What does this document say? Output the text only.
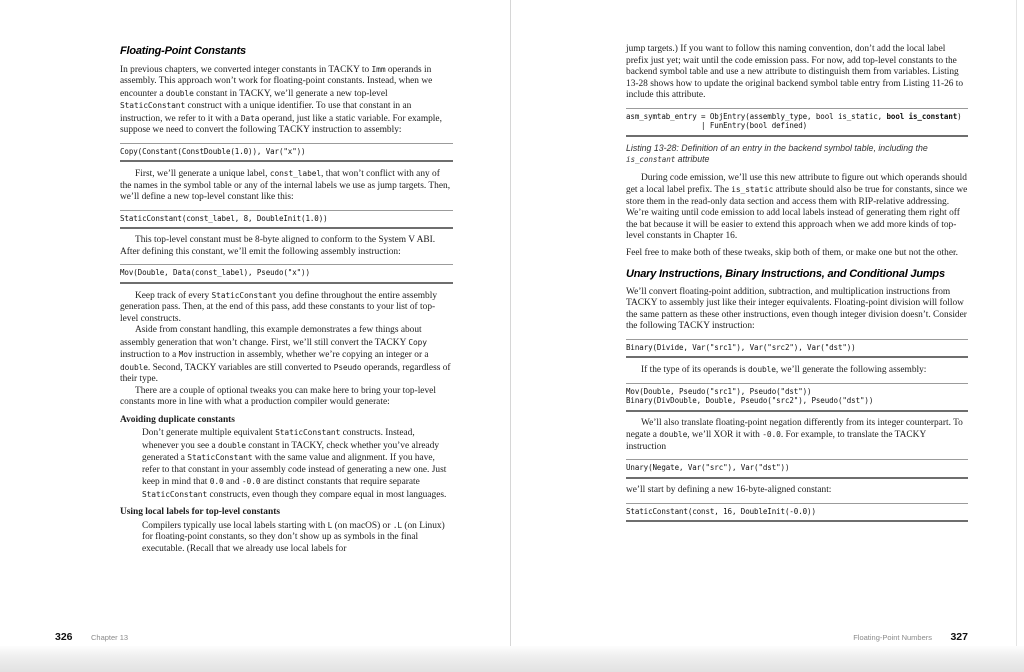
Floating-Point Constants

In previous chapters, we converted integer constants in TACKY to Imm operands in assembly. This approach won’t work for floating-point constants. Instead, when we encounter a double constant in TACKY, we’ll generate a new top-level StaticConstant construct with a unique identifier. To use that constant in an instruction, we refer to it with a Data operand, just like a static variable. For example, suppose we need to convert the following TACKY instruction to assembly:

Copy(Constant(ConstDouble(1.0)), Var("x"))

First, we’ll generate a unique label, const_label, that won’t conflict with any of the names in the symbol table or any of the internal labels we use as jump targets. Then, we’ll define a new top-level constant like this:

StaticConstant(const_label, 8, DoubleInit(1.0))

This top-level constant must be 8-byte aligned to conform to the System V ABI. After defining this constant, we’ll emit the following assembly instruction:

Mov(Double, Data(const_label), Pseudo("x"))

Keep track of every StaticConstant you define throughout the entire assembly generation pass. Then, at the end of this pass, add these constants to your list of top-level constructs.

Aside from constant handling, this example demonstrates a few things about assembly generation that won’t change. First, we’ll still convert the TACKY Copy instruction to a Mov instruction in assembly, whether we’re copying an integer or a double. Second, TACKY variables are still converted to Pseudo operands, regardless of their type.

There are a couple of optional tweaks you can make here to bring your top-level constants more in line with what a production compiler would generate:

Avoiding duplicate constants

Don’t generate multiple equivalent StaticConstant constructs. Instead, whenever you see a double constant in TACKY, check whether you’ve already generated a StaticConstant with the same value and alignment. If you have, refer to that constant in your assembly code instead of generating a new one. Just keep in mind that 0.0 and -0.0 are distinct constants that require separate StaticConstant constructs, even though they compare equal in most languages.

Using local labels for top-level constants

Compilers typically use local labels starting with L (on macOS) or .L (on Linux) for floating-point constants, so they don’t show up as symbols in the final executable. (Recall that we already use local labels for

jump targets.) If you want to follow this naming convention, don’t add the local label prefix just yet; wait until the code emission pass. For now, add top-level constants to the backend symbol table and use a new attribute to distinguish them from variables. Listing 13-28 shows how to update the original backend symbol table entry from Listing 11-26 to include this attribute.

asm_symtab_entry = ObjEntry(assembly_type, bool is_static, bool is_constant)
| FunEntry(bool defined)
Listing 13-28: Definition of an entry in the backend symbol table, including the is_constant attribute

During code emission, we’ll use this new attribute to figure out which operands should get a local label prefix. The is_static attribute should also be true for constants, since we store them in the read-only data section and access them with RIP-relative addressing. We’re waiting until code emission to add local labels instead of generating them right off the bat because it will be easier to extend this approach when we add more kinds of top-level constants in Chapter 16.

Feel free to make both of these tweaks, skip both of them, or make one but not the other.

Unary Instructions, Binary Instructions, and Conditional Jumps

We’ll convert floating-point addition, subtraction, and multiplication instructions from TACKY to assembly just like their integer equivalents. Floating-point division will follow the same pattern as these other instructions, even though integer division doesn’t. Consider the following TACKY instruction:

Binary(Divide, Var("src1"), Var("src2"), Var("dst"))

If the type of its operands is double, we’ll generate the following assembly:

Mov(Double, Pseudo("src1"), Pseudo("dst"))
Binary(DivDouble, Double, Pseudo("src2"), Pseudo("dst"))

We’ll also translate floating-point negation differently from its integer counterpart. To negate a double, we’ll XOR it with -0.0. For example, to translate the TACKY instruction

Unary(Negate, Var("src"), Var("dst"))

we’ll start by defining a new 16-byte-aligned constant:

StaticConstant(const, 16, DoubleInit(-0.0))
326 Chapter 13	Floating-Point Numbers 327
